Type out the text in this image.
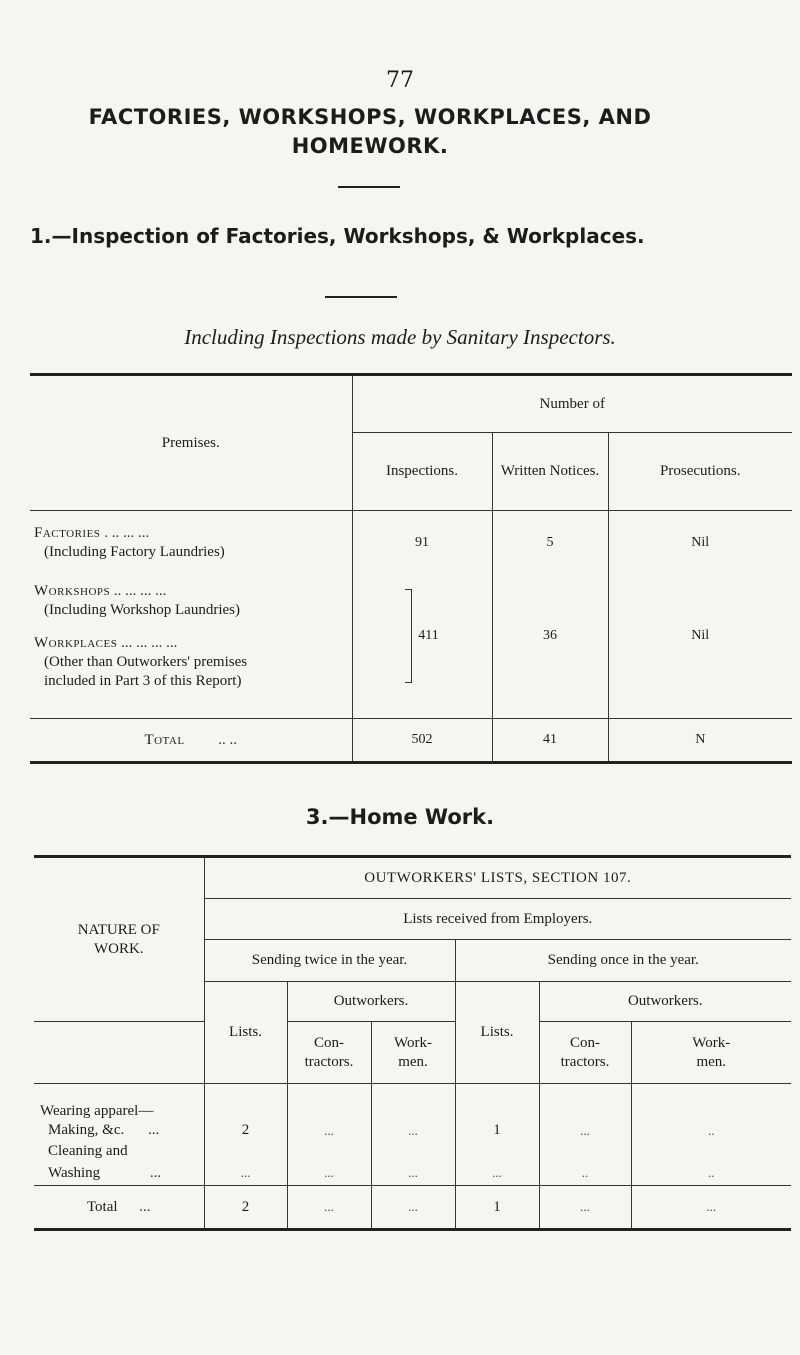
77
FACTORIES, WORKSHOPS, WORKPLACES, AND
HOMEWORK.
1.—Inspection of Factories, Workshops, & Workplaces.
Including Inspections made by Sanitary Inspectors.
Premises.	Number of		
	Inspections.	Written Notices.	Prosecutions.

Factories . .. ... ...
(Including Factory Laundries)	91	5	Nil

Workshops .. ... ... ...
(Including Workshop Laundries)	411	36	Nil

Workplaces ... ... ... ...
(Other than Outworkers' premises
included in Part 3 of this Report)			

Total .. ..	502	41	N
3.—Home Work.
NATURE OF WORK.	OUTWORKERS' LISTS, SECTION 107.					
	Lists received from Employers.					
	Sending twice in the year.			Sending once in the year.		
	Lists.	Outworkers.		Lists.	Outworkers.	

		Con- tractors.	Work- men.		Con- tractors.	Work- men.

Wearing apparel—						
Making, &c. ...	2	...	...	1	...	..
Cleaning and						
Washing ...	...	...	...	...	..	..
Total ...	2	...	...	1	...	...
